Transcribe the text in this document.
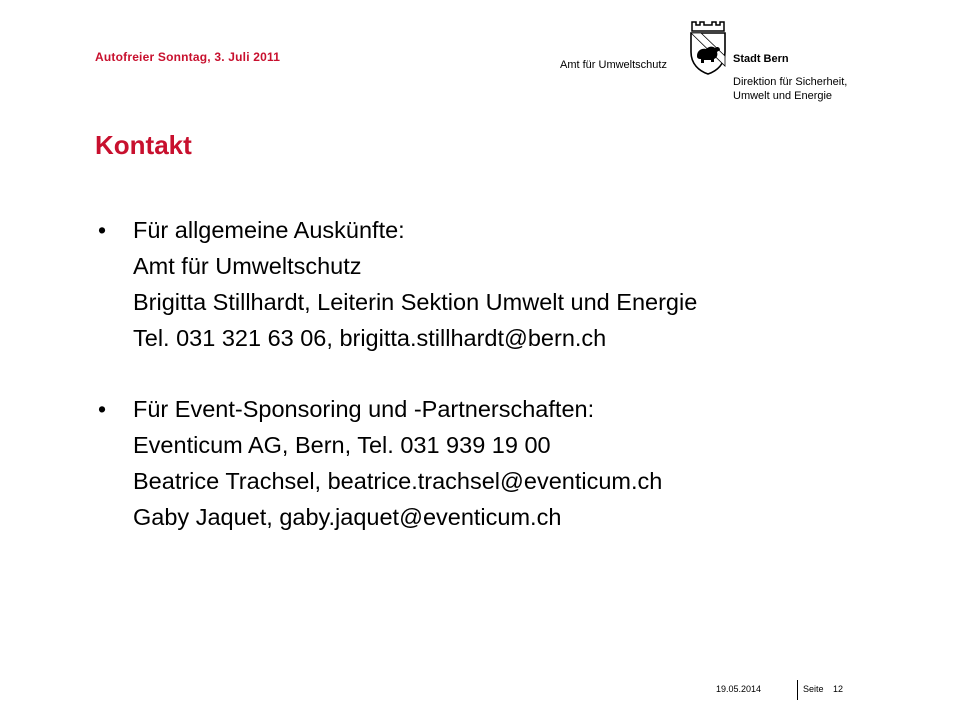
Autofreier Sonntag, 3. Juli 2011
Amt für Umweltschutz	Stadt Bern
Direktion für Sicherheit,
Umwelt und Energie
Kontakt
• Für allgemeine Auskünfte:
Amt für Umweltschutz
Brigitta Stillhardt, Leiterin Sektion Umwelt und Energie
Tel. 031 321 63 06, brigitta.stillhardt@bern.ch
• Für Event-Sponsoring und -Partnerschaften:
Eventicum AG, Bern, Tel. 031 939 19 00
Beatrice Trachsel, beatrice.trachsel@eventicum.ch
Gaby Jaquet, gaby.jaquet@eventicum.ch
19.05.2014	Seite 12
